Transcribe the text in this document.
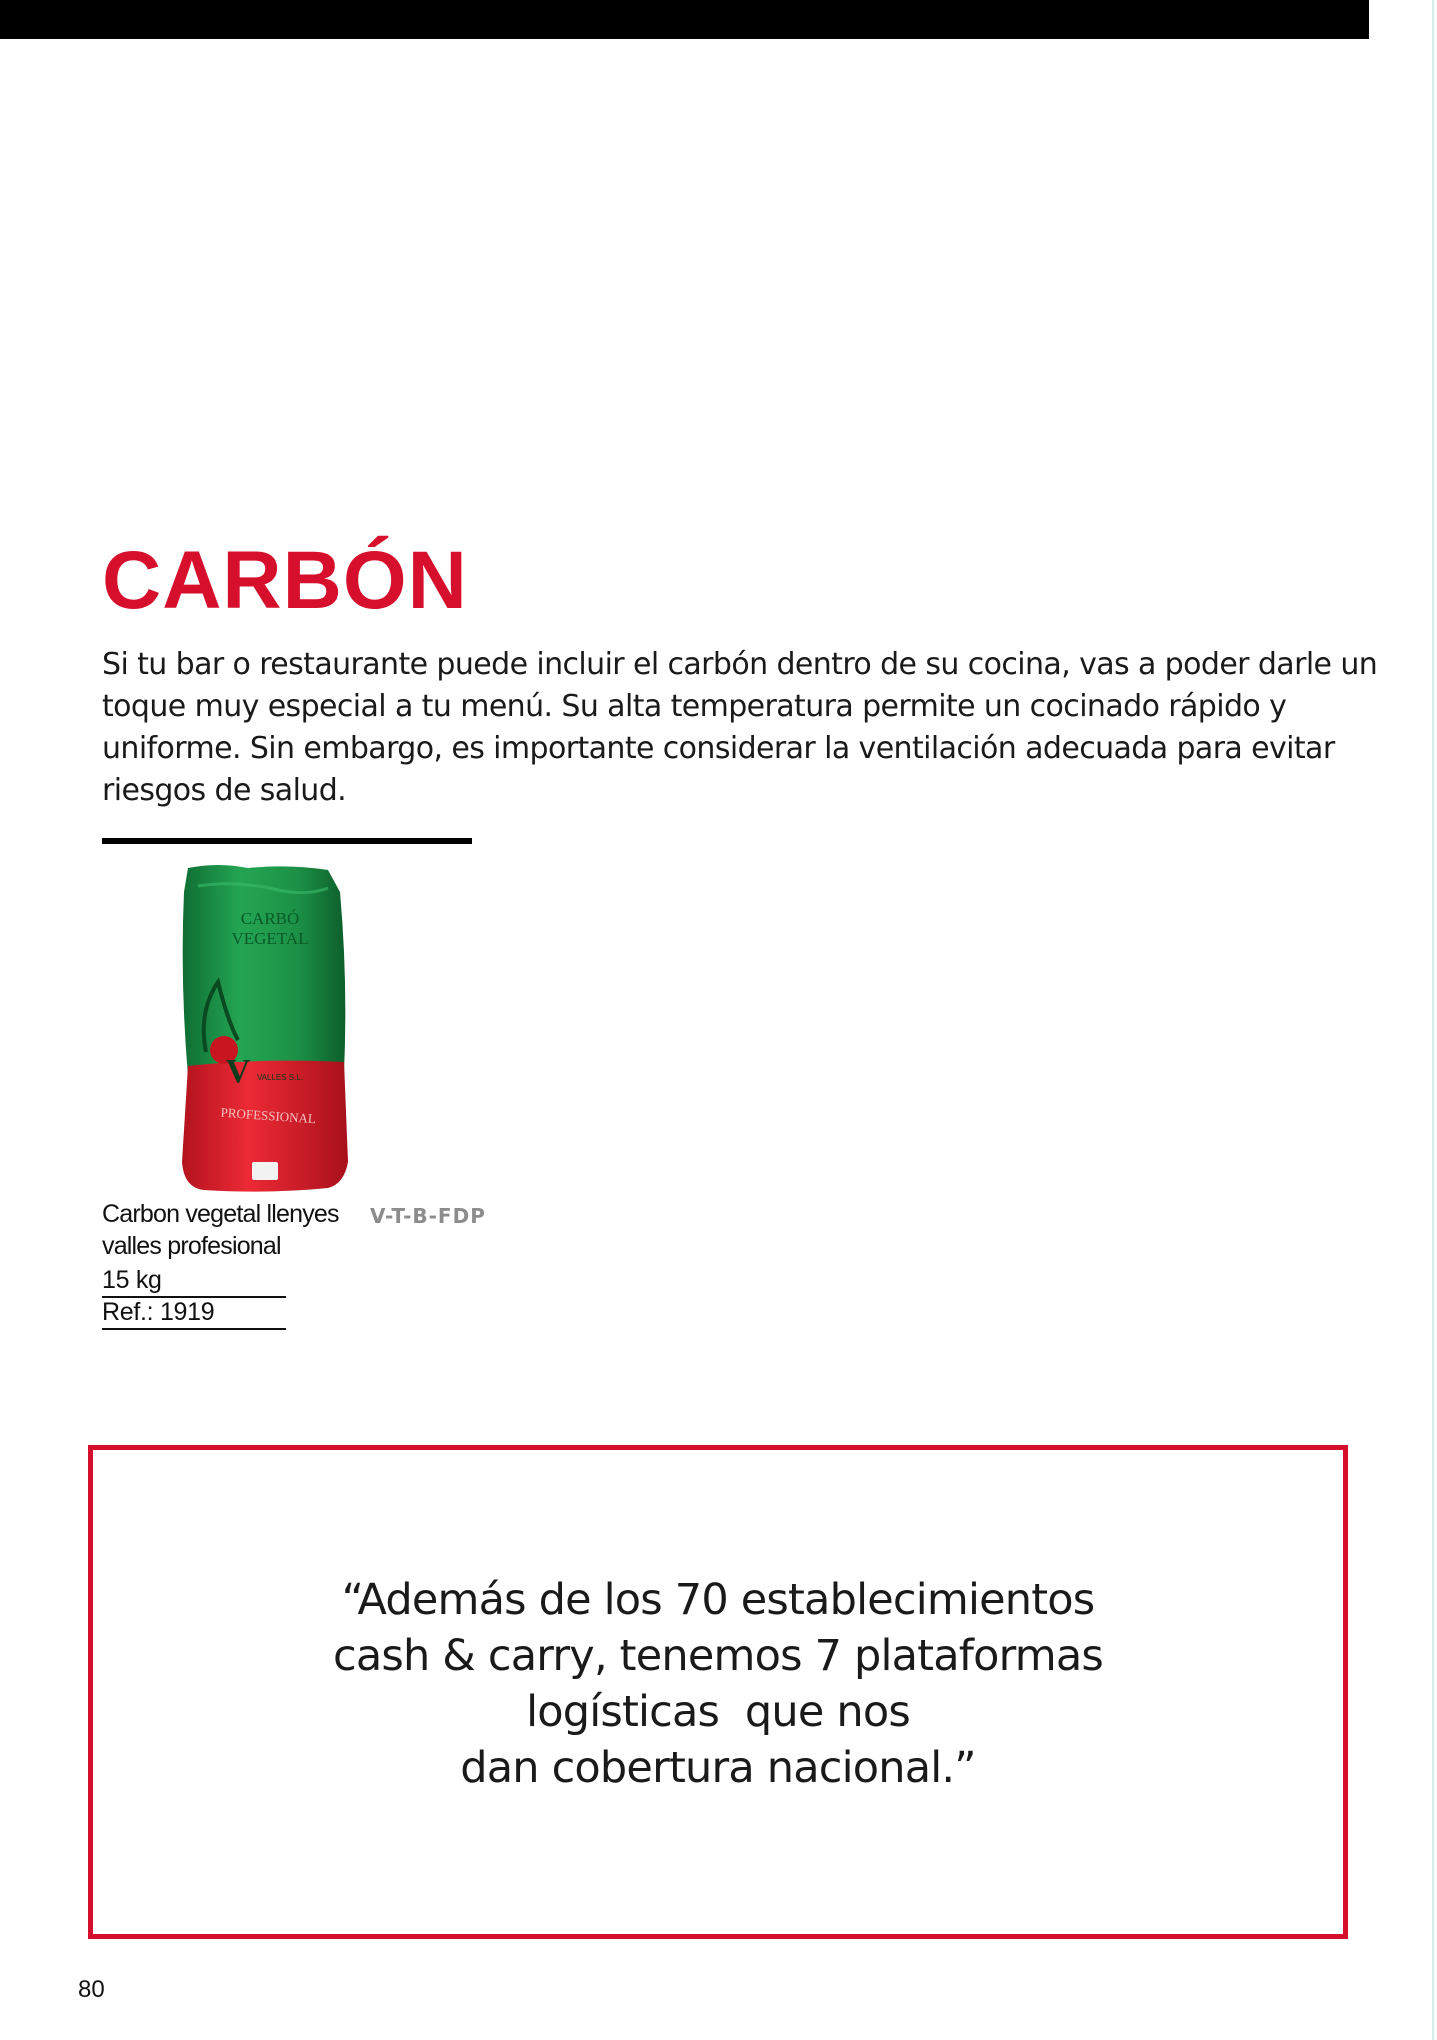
CARBÓN

Si tu bar o restaurante puede incluir el carbón dentro de su cocina, vas a poder darle un toque muy especial a tu menú. Su alta temperatura permite un cocinado rápido y uniforme. Sin embargo, es importante considerar la ventilación adecuada para evitar riesgos de salud.

CARBÓ
VEGETAL
V VALLES S.L.
PROFESSIONAL
Carbon vegetal llenyes valles profesional
V-T-B-FDP
15 kg
Ref.: 1919
“Además de los 70 establecimientos
cash & carry, tenemos 7 plataformas
logísticas  que nos
dan cobertura nacional.”
80
